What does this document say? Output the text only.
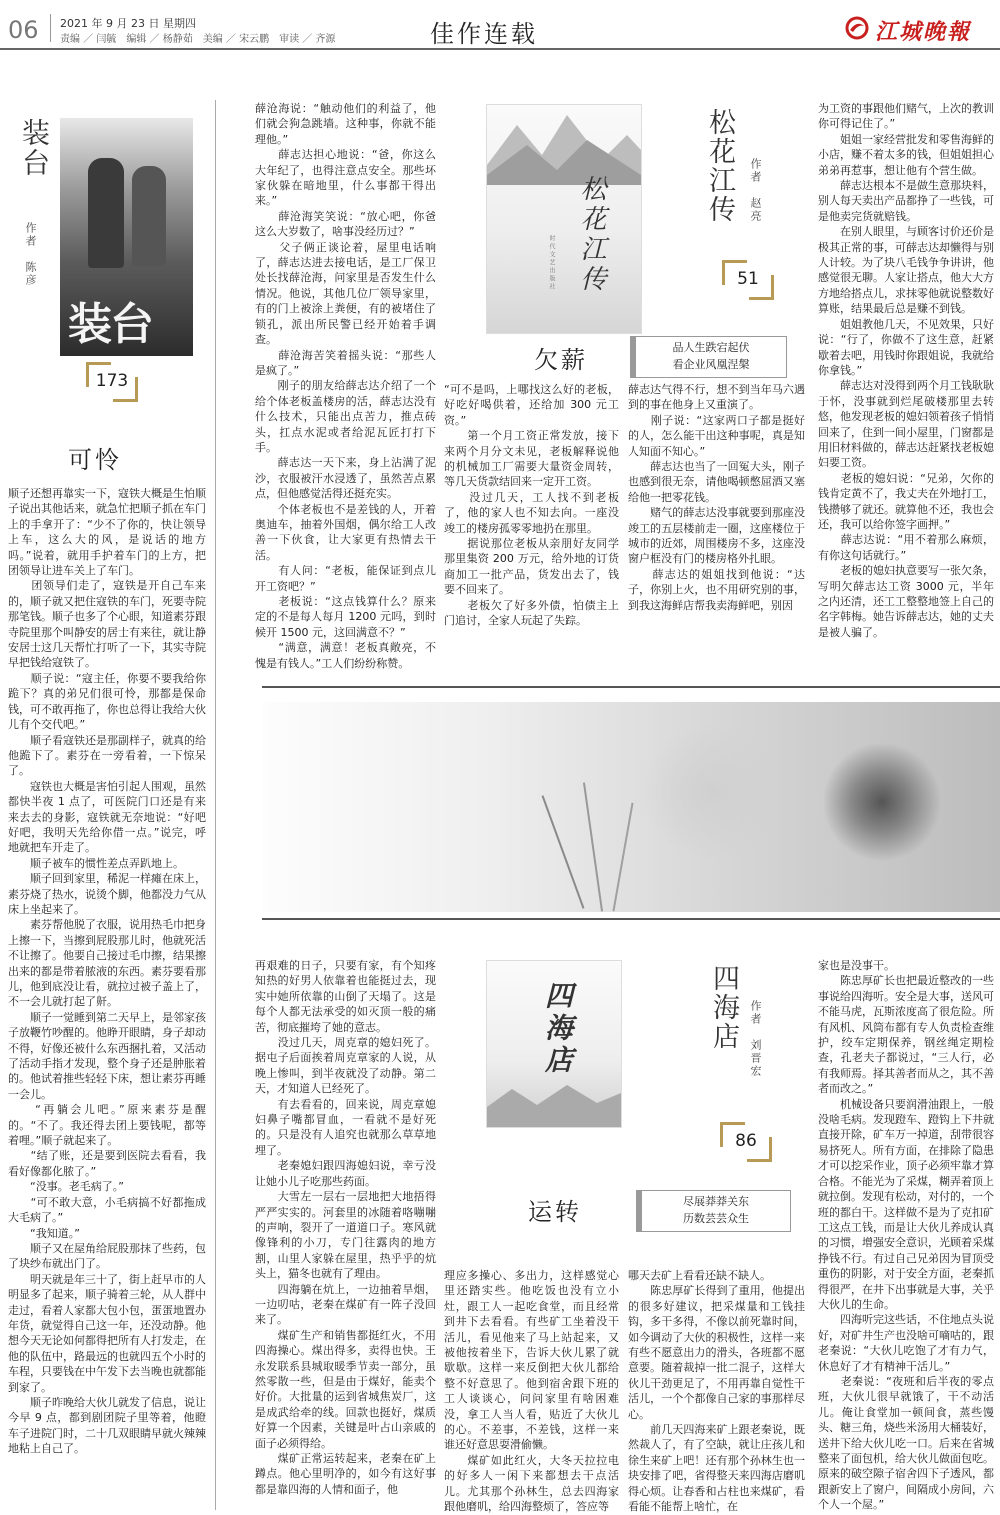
06 2021 年 9 月 23 日 星期四
责编 ／ 闫毓　编辑 ／ 杨静茹　美编 ／ 宋云鹏　审读 ／ 齐源	佳作连载	江城晚報
装台
作者　陈彦
装台
173
可怜

顺子还想再靠实一下，寇铁大概是生怕顺子说出其他话来，就急忙把顺子抓在车门上的手拿开了：“少不了你的，快让领导上车，这么大的风，是说话的地方吗。”说着，就用手护着车门的上方，把团领导让进车关上了车门。
　　团领导们走了，寇铁是开自己车来的，顺子就又把住寇铁的车门，死要寺院那笔钱。顺子也多了个心眼，知道素芬跟寺院里那个叫静安的居士有来往，就让静安居士这几天帮忙打听了一下，其实寺院早把钱给寇铁了。
　　顺子说：“寇主任，你要不要我给你跪下？真的弟兄们很可怜，那都是保命钱，可不敢再拖了，你也总得让我给大伙儿有个交代吧。”
　　顺子看寇铁还是那副样子，就真的给他跪下了。素芬在一旁看着，一下惊呆了。
　　寇铁也大概是害怕引起人围观，虽然都快半夜 1 点了，可医院门口还是有来来去去的身影，寇铁就无奈地说：“好吧好吧，我明天先给你借一点。”说完，呼地就把车开走了。
　　顺子被车的惯性差点弄趴地上。
　　顺子回到家里，稀泥一样瘫在床上，素芬烧了热水，说烫个脚，他都没力气从床上坐起来了。
　　素芬帮他脱了衣服，说用热毛巾把身上擦一下，当擦到屁股那儿时，他就死活不让擦了。他要自己接过毛巾擦，结果擦出来的都是带着脓液的东西。素芬要看那儿，他到底没让看，就拉过被子盖上了，不一会儿就打起了鼾。
　　顺子一觉睡到第二天早上，是邻家孩子放鞭竹吵醒的。他睁开眼睛，身子却动不得，好像还被什么东西捆扎着，又活动了活动手指才发现，整个身子还是肿胀着的。他试着推些轻轻下床，想让素芬再睡一会儿。
　　“再躺会儿吧。”原来素芬是醒的。“不了。我还得去团上要钱呢，都等着哩。”顺子就起来了。
　　“结了账，还是要到医院去看看，我看好像都化脓了。”
　　“没事。老毛病了。”
　　“可不敢大意，小毛病搞不好都拖成大毛病了。”
　　“我知道。”
　　顺子又在屋角给屁股那抹了些药，包了块纱布就出门了。
　　明天就是年三十了，街上赶早市的人明显多了起来，顺子骑着三轮，从人群中走过，看着人家都大包小包，蛋蛋地置办年货，就觉得自己这一年，还没动静。他想今天无论如何都得把所有人打发走，在他的队伍中，路最远的也就四五个小时的车程，只要钱在中午发下去当晚也就都能到家了。
　　顺子昨晚给大伙儿就发了信息，说让今早 9 点，都到剧团院子里等着，他瞪车子进院门时，二十几双眼睛早就火辣辣地粘上自己了。

薛沧海说：“触动他们的利益了，他们就会狗急跳墙。这种事，你就不能理他。”
　　薛志达担心地说：“爸，你这么大年纪了，也得注意点安全。那些坏家伙躲在暗地里，什么事都干得出来。”
　　薛沧海笑笑说：“放心吧，你爸这么大岁数了，啥事没经历过？”
　　父子俩正谈论着，屋里电话响了，薛志达进去接电话，是工厂保卫处长找薛沧海，问家里是否发生什么情况。他说，其他几位厂领导家里，有的门上被涂上粪便，有的被堵住了锁孔，派出所民警已经开始着手调查。
　　薛沧海苦笑着摇头说：“那些人是疯了。”
　　刚子的朋友给薛志达介绍了一个给个体老板盖楼房的活，薛志达没有什么技术，只能出点苦力，推点砖头，扛点水泥或者给泥瓦匠打打下手。
　　薛志达一天下来，身上沾满了泥沙，衣服被汗水浸透了，虽然苦点累点，但他感觉活得还挺充实。
　　个体老板也不是差钱的人，开着奥迪车，抽着外国烟，偶尔给工人改善一下伙食，让大家更有热情去干活。
　　有人问：“老板，能保证到点儿开工资吧？”
　　老板说：“这点钱算什么？原来定的不是每人每月 1200 元吗，到时候开 1500 元，这回满意不？”
　　“满意，满意！老板真敞亮，不愧是有钱人。”工人们纷纷称赞。

松花江传
时代文艺出版社
松花江传	作者　赵亮
51
欠薪	品人生跌宕起伏
看企业风凰涅槃

“可不是吗，上哪找这么好的老板，好吃好喝供着，还给加 300 元工资。”
　　第一个月工资正常发放，接下来两个月分文未见，老板解释说他的机械加工厂需要大量资金周转，等几天货款结回来一定开工资。
　　没过几天，工人找不到老板了，他的家人也不知去向。一座没竣工的楼房孤零零地扔在那里。
　　据说那位老板从亲朋好友同学那里集资 200 万元，给外地的订货商加工一批产品，货发出去了，钱要不回来了。
　　老板欠了好多外债，怕债主上门追讨，全家人玩起了失踪。

薛志达气得不行，想不到当年马六遇到的事在他身上又重演了。
　　刚子说：“这家两口子都是挺好的人，怎么能干出这种事呢，真是知人知面不知心。”
　　薛志达也当了一回冤大头，刚子也感到很无奈，请他喝顿憋屈酒又塞给他一把零花钱。
　　赌气的薛志达没事就要到那座没竣工的五层楼前走一圈，这座楼位于城市的近郊，周围楼房不多，这座没窗户框没有门的楼房格外扎眼。
　　薛志达的姐姐找到他说：“达子，你别上火，也不用研究别的事，到我这海鲜店帮我卖海鲜吧，别因

为工资的事跟他们赌气，上次的教训你可得记住了。”
　　姐姐一家经营批发和零售海鲜的小店，赚不着太多的钱，但姐姐担心弟弟再惹事，想让他有个营生做。
　　薛志达根本不是做生意那块料，别人每天卖出产品都挣了一些钱，可是他卖完货就赔钱。
　　在别人眼里，与顾客讨价还价是极其正常的事，可薛志达却懒得与别人计较。为了块八毛钱争争讲讲，他感觉很无聊。人家让搭点，他大大方方地给搭点儿，求抹零他就说整数好算账，结果最后总是赚不到钱。
　　姐姐教他几天，不见效果，只好说：“行了，你做不了这生意，赶紧歇着去吧，用钱时你跟姐说，我就给你拿钱。”
　　薛志达对没得到两个月工钱耿耿于怀，没事就到烂尾破楼那里去转悠，他发现老板的媳妇领着孩子悄悄回来了，住到一间小屋里，门窗都是用旧材料做的，薛志达赶紧找老板媳妇要工资。
　　老板的媳妇说：“兄弟，欠你的钱肯定黄不了，我丈夫在外地打工，钱攒够了就还。就算他不还，我也会还，我可以给你签字画押。”
　　薛志达说：“用不着那么麻烦，有你这句话就行。”
　　老板的媳妇执意要写一张欠条，写明欠薛志达工资 3000 元，半年之内还清，还工工整整地签上自己的名字韩梅。她告诉薛志达，她的丈夫是被人骗了。

再艰难的日子，只要有家，有个知疼知热的好男人依靠着也能挺过去，现实中她所依靠的山倒了天塌了。这是每个人都无法承受的如灭顶一般的痛苦，彻底摧垮了她的意志。
　　没过几天，周克章的媳妇死了。据屯子后面挨着周克章家的人说，从晚上惨叫，到半夜就没了动静。第二天，才知道人已经死了。
　　有去看看的，回来说，周克章媳妇鼻子嘴都冒血，一看就不是好死的。只是没有人追究也就那么草草地埋了。
　　老秦媳妇跟四海媳妇说，幸亏没让她小儿子吃那些药面。
　　大雪左一层右一层地把大地捂得严严实实的。河套里的冰随着咯嘣嘣的声响，裂开了一道道口子。寒风就像锋利的小刀，专门往露肉的地方割，山里人家躲在屋里，热乎乎的炕头上，猫冬也就有了理由。
　　四海躺在炕上，一边抽着旱烟，一边叨咕，老秦在煤矿有一阵子没回来了。
　　煤矿生产和销售都挺红火，不用四海操心。煤出得多，卖得也快。王永发联系县城取暖季节卖一部分，虽然零散一些，但是由于煤好，能卖个好价。大批量的运到省城焦炭厂，这是成武给牵的线。回款也挺好，煤质好算一个因素，关键是叶占山亲戚的面子必须得给。
　　煤矿正常运转起来，老秦在矿上蹲点。他心里明净的，如今有这好事都是靠四海的人情和面子，他

四海店	四海店 作者　刘晋宏
86
运转	尽展莽莽关东
历数芸芸众生

理应多操心、多出力，这样感觉心里还踏实些。他吃饭也没有立小灶，跟工人一起吃食堂，而且经常到井下去看看。有些矿工坐着没干活儿，看见他来了马上站起来，又被他按着坐下，告诉大伙儿累了就歇歇。这样一来反倒把大伙儿都给整不好意思了。他到宿舍跟下班的工人谈谈心，问问家里有啥困难没，拿工人当人看，贴近了大伙儿的心。不差事，不差钱，这样一来谁还好意思耍滑偷懒。
　　煤矿如此红火，大冬天拉拉电的好多人一闲下来都想去干点活儿。尤其那个孙林生，总去四海家跟他磨叽，给四海整烦了，答应等

哪天去矿上看看还缺不缺人。
　　陈忠厚矿长得到了重用，他提出的很多好建议，把采煤量和工钱挂钩，多干多得，不像以前死靠时间，如今调动了大伙的积极性，这样一来有些不愿意出力的滑头，各班都不愿意要。随着裁掉一批二混子，这样大伙儿干劲更足了，不用再靠自觉性干活儿，一个个都像自己家的事那样尽心。
　　前几天四海来矿上跟老秦说，既然裁人了，有了空缺，就让庄孩儿和徐生来矿上吧！还有那个孙林生也一块安排了吧，省得整天来四海店磨叽得心烦。让春香和占柱也来煤矿，看看能不能帮上啥忙，在

家也是没事干。
　　陈忠厚矿长也把最近整改的一些事说给四海听。安全是大事，送风可不能马虎，瓦斯浓度高了很危险。所有风机、风筒布都有专人负责检查维护，绞车定期保养，钢丝绳定期检查，孔老夫子都说过，“三人行，必有我师焉。择其善者而从之，其不善者而改之。”
　　机械设备只要润滑油跟上，一般没啥毛病。发现蹬车、蹬钩上下井就直接开除，矿车万一掉道，刮带很容易挤死人。所有方面，在排除了隐患才可以挖采作业，顶子必须牢靠才算合格。不能光为了采煤，糊弄着顶上就拉倒。发现有松动，对付的，一个班的都白干。这样做不是为了克扣矿工这点工钱，而是让大伙儿养成认真的习惯，增强安全意识，光顾着采煤挣钱不行。有过自己兄弟因为冒顶受重伤的阴影，对于安全方面，老秦抓得很严，在井下出事就是大事，关乎大伙儿的生命。
　　四海听完这些话，不住地点头说好，对矿井生产也没啥可嘀咕的，跟老秦说：“大伙儿吃饱了才有力气，休息好了才有精神干活儿。”
　　老秦说：“夜班和后半夜的零点班，大伙儿很早就饿了，干不动活儿。俺让食堂加一顿间食，蒸些馒头、糖三角，烧些米汤用大桶装好，送井下给大伙儿吃一口。后来在省城整来了面包机，给大伙儿做面包吃。原来的破空隙子宿舍四下子透风，都跟新安上了窗户，间隔成小房间，六个人一个屋。”
